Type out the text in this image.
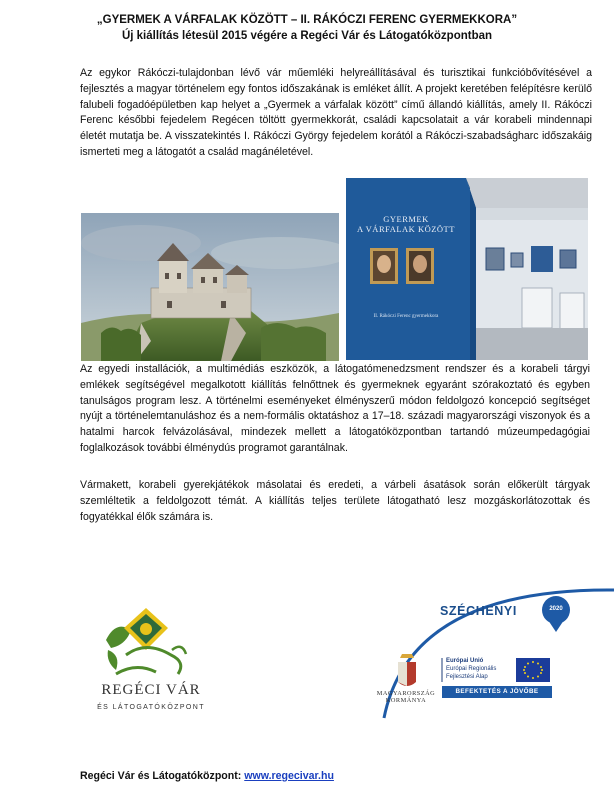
„GYERMEK A VÁRFALAK KÖZÖTT – II. RÁKÓCZI FERENC GYERMEKKORA”
Új kiállítás létesül 2015 végére a Regéci Vár és Látogatóközpontban

Az egykor Rákóczi-tulajdonban lévő vár műemléki helyreállításával és turisztikai funkcióbővítésével a fejlesztés a magyar történelem egy fontos időszakának is emléket állít. A projekt keretében felépítésre kerülő falubeli fogadóépületben kap helyet a „Gyermek a várfalak között” című állandó kiállítás, amely II. Rákóczi Ferenc későbbi fejedelem Regécen töltött gyermekkorát, családi kapcsolatait a vár korabeli mindennapi életét mutatja be. A visszatekintés I. Rákóczi György fejedelem korától a Rákóczi-szabadságharc időszakáig ismerteti meg a látogatót a család magánéletével.

GYERMEK
A VÁRFALAK KÖZÖTT
II. Rákóczi Ferenc gyermekkora

Az egyedi installációk, a multimédiás eszközök, a látogatómenedzsment rendszer és a korabeli tárgyi emlékek segítségével megalkotott kiállítás felnőttnek és gyermeknek egyaránt szórakoztató és egyben tanulságos program lesz. A történelmi eseményeket élményszerű módon feldolgozó koncepció segítséget nyújt a történelemtanuláshoz és a nem-formális oktatáshoz a 17–18. századi magyarországi viszonyok és a hatalmi harcok felvázolásával, mindezek mellett a látogatóközpontban tartandó múzeumpedagógiai foglalkozások további élménydús programot garantálnak.

Vármakett, korabeli gyerekjátékok másolatai és eredeti, a várbeli ásatások során előkerült tárgyak szemléltetik a feldolgozott témát. A kiállítás teljes területe látogatható lesz mozgáskorlátozottak és fogyatékkal élők számára is.

REGÉCI VÁR
ÉS LÁTOGATÓKÖZPONT
SZÉCHENYI	2020
MAGYARORSZÁG
KORMÁNYA
Európai Unió
Európai Regionális
Fejlesztési Alap
BEFEKTETÉS A JÖVŐBE
Regéci Vár és Látogatóközpont: www.regecivar.hu
